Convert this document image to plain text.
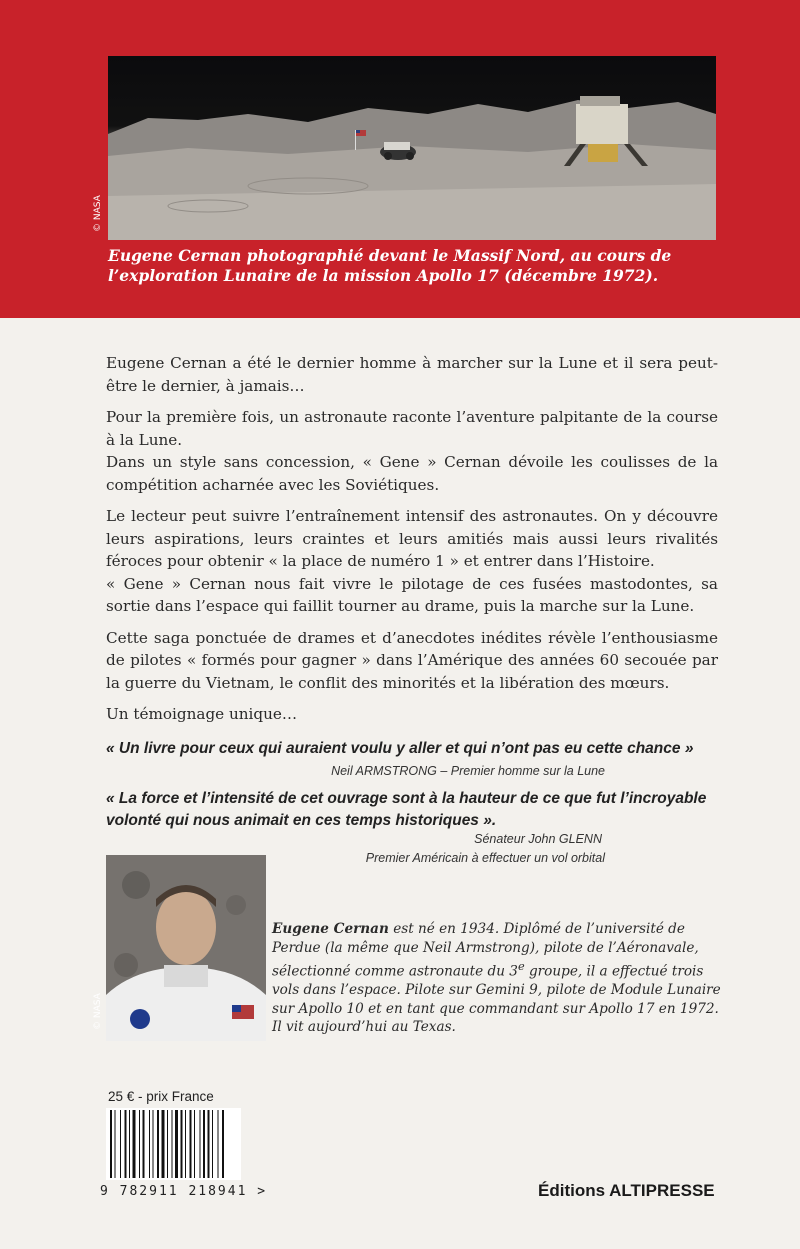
© NASA
Eugene Cernan photographié devant le Massif Nord, au cours de l’exploration Lunaire de la mission Apollo 17 (décembre 1972).

Eugene Cernan a été le dernier homme à marcher sur la Lune et il sera peut-être le dernier, à jamais…

Pour la première fois, un astronaute raconte l’aventure palpitante de la course à la Lune.
Dans un style sans concession, « Gene » Cernan dévoile les coulisses de la compétition acharnée avec les Soviétiques.

Le lecteur peut suivre l’entraînement intensif des astronautes. On y découvre leurs aspirations, leurs craintes et leurs amitiés mais aussi leurs rivalités féroces pour obtenir « la place de numéro 1 » et entrer dans l’Histoire.
« Gene » Cernan nous fait vivre le pilotage de ces fusées mastodontes, sa sortie dans l’espace qui faillit tourner au drame, puis la marche sur la Lune.

Cette saga ponctuée de drames et d’anecdotes inédites révèle l’enthousiasme de pilotes « formés pour gagner » dans l’Amérique des années 60 secouée par la guerre du Vietnam, le conflit des minorités et la libération des mœurs.

Un témoignage unique…

« Un livre pour ceux qui auraient voulu y aller et qui n’ont pas eu cette chance »
Neil ARMSTRONG – Premier homme sur la Lune
« La force et l’intensité de cet ouvrage sont à la hauteur de ce que fut l’incroyable volonté qui nous animait en ces temps historiques ».
Sénateur John GLENN
Premier Américain à effectuer un vol orbital
© NASA
Eugene Cernan est né en 1934. Diplômé de l’université de Perdue (la même que Neil Armstrong), pilote de l’Aéronavale, sélectionné comme astronaute du 3e groupe, il a effectué trois vols dans l’espace. Pilote sur Gemini 9, pilote de Module Lunaire sur Apollo 10 et en tant que commandant sur Apollo 17 en 1972. Il vit aujourd’hui au Texas.
25 € - prix France
9 782911 218941 >	Éditions ALTIPRESSE
